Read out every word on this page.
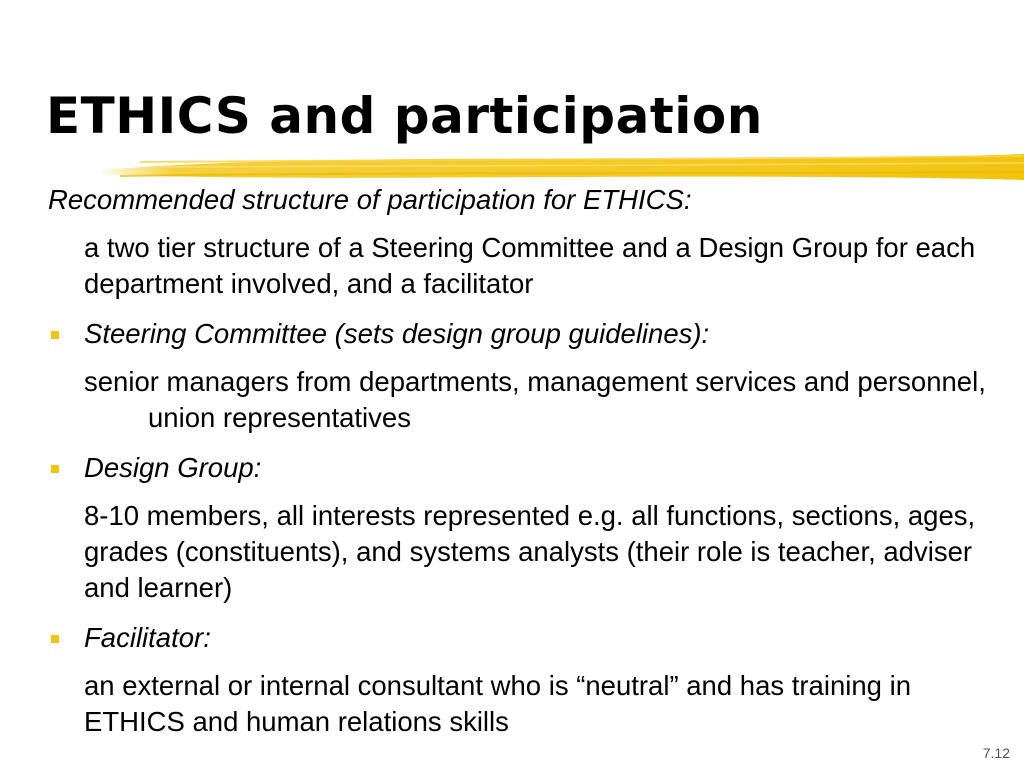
ETHICS and participation

Recommended structure of participation for ETHICS:

a two tier structure of a Steering Committee and a Design Group for each department involved, and a facilitator

Steering Committee (sets design group guidelines):

senior managers from departments, management services and personnel, union representatives

Design Group:

8-10 members, all interests represented e.g. all functions, sections, ages, grades (constituents), and systems analysts (their role is teacher, adviser and learner)

Facilitator:

an external or internal consultant who is “neutral” and has training in ETHICS and human relations skills

7.12
